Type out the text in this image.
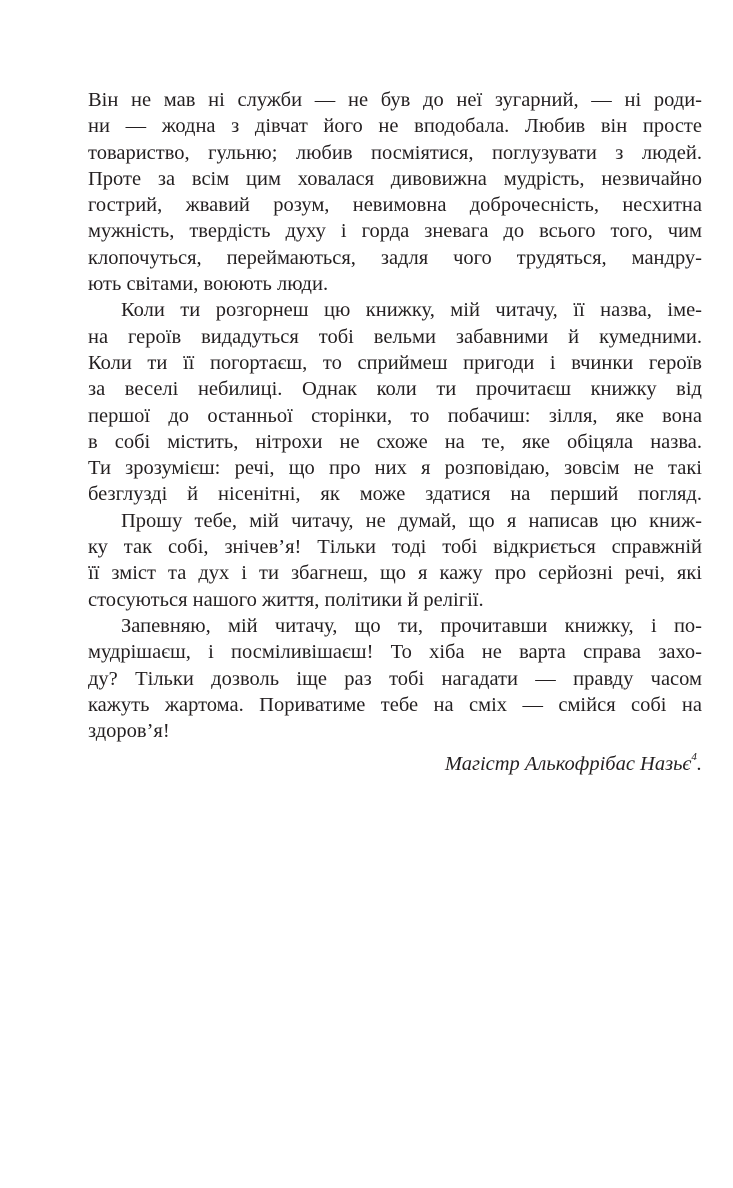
Він не мав ні служби — не був до неї зугарний, — ні роди-
ни — жодна з дівчат його не вподобала. Любив він просте
товариство, гульню; любив посміятися, поглузувати з людей.
Проте за всім цим ховалася дивовижна мудрість, незвичайно
гострий, жвавий розум, невимовна доброчесність, несхитна
мужність, твердість духу і горда зневага до всього того, чим
клопочуться, переймаються, задля чого трудяться, мандру-
ють світами, воюють люди.
Коли ти розгорнеш цю книжку, мій читачу, її назва, іме-
на героїв видадуться тобі вельми забавними й кумедними.
Коли ти її погортаєш, то сприймеш пригоди і вчинки героїв
за веселі небилиці. Однак коли ти прочитаєш книжку від
першої до останньої сторінки, то побачиш: зілля, яке вона
в собі містить, нітрохи не схоже на те, яке обіцяла назва.
Ти зрозумієш: речі, що про них я розповідаю, зовсім не такі
безглузді й нісенітні, як може здатися на перший погляд.
Прошу тебе, мій читачу, не думай, що я написав цю книж-
ку так собі, знічев’я! Тільки тоді тобі відкриється справжній
її зміст та дух і ти збагнеш, що я кажу про серйозні речі, які
стосуються нашого життя, політики й релігії.
Запевняю, мій читачу, що ти, прочитавши книжку, і по-
мудрішаєш, і посміливішаєш! То хіба не варта справа захо-
ду? Тільки дозволь іще раз тобі нагадати — правду часом
кажуть жартома. Пориватиме тебе на сміх — смійся собі на
здоров’я!
Магістр Алькофрібас Назьє$^4$.
